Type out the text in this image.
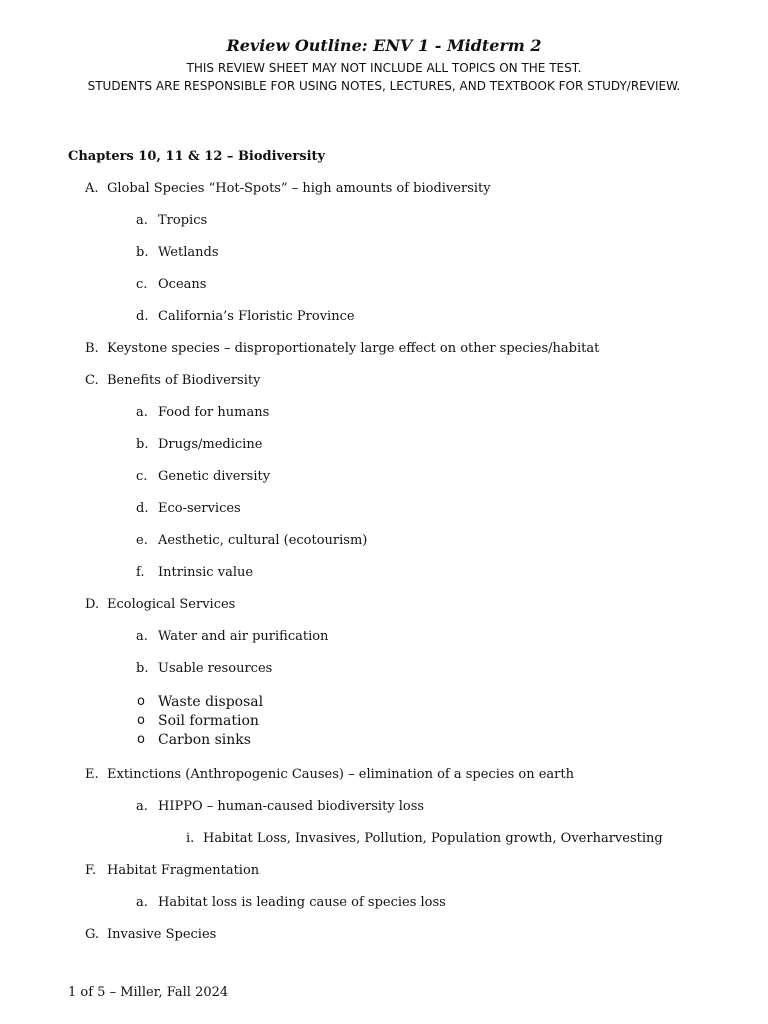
Review Outline: ENV 1 - Midterm 2
THIS REVIEW SHEET MAY NOT INCLUDE ALL TOPICS ON THE TEST.
STUDENTS ARE RESPONSIBLE FOR USING NOTES, LECTURES, AND TEXTBOOK FOR STUDY/REVIEW.
Chapters 10, 11 & 12 – Biodiversity
A. Global Species “Hot-Spots” – high amounts of biodiversity
a. Tropics
b. Wetlands
c. Oceans
d. California’s Floristic Province
B. Keystone species – disproportionately large effect on other species/habitat
C. Benefits of Biodiversity
a. Food for humans
b. Drugs/medicine
c. Genetic diversity
d. Eco-services
e. Aesthetic, cultural (ecotourism)
f. Intrinsic value
D. Ecological Services
a. Water and air purification
b. Usable resources
o Waste disposal
o Soil formation
o Carbon sinks
E. Extinctions (Anthropogenic Causes) – elimination of a species on earth
a. HIPPO – human-caused biodiversity loss
i. Habitat Loss, Invasives, Pollution, Population growth, Overharvesting
F. Habitat Fragmentation
a. Habitat loss is leading cause of species loss
G. Invasive Species
1 of 5 – Miller, Fall 2024
